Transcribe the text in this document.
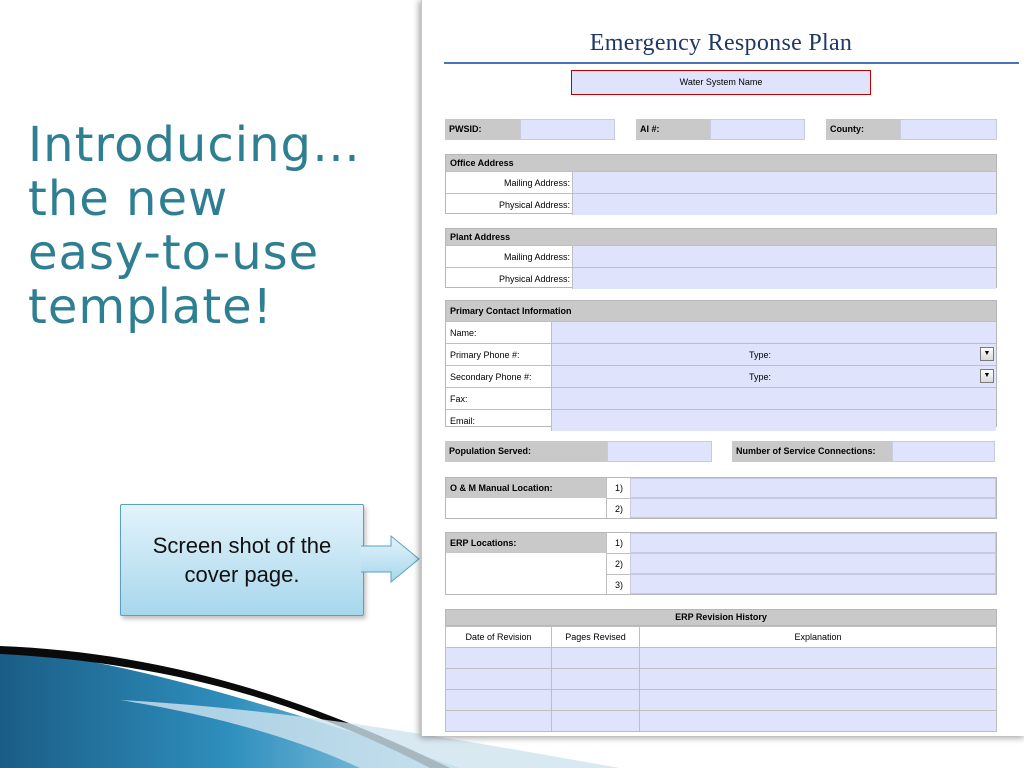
Introducing…
the new
easy-to-use
template!
Screen shot of the cover page.
Emergency Response Plan
Water System Name
PWSID:	AI #:	County:
Office Address
Mailing Address:
Physical Address:
Plant Address
Mailing Address:
Physical Address:
Primary Contact Information
Name:
Primary Phone #:	Type:	▼
Secondary Phone #:	Type:	▼
Fax:
Email:
Population Served:	Number of Service Connections:
O & M Manual Location:	1)
2)
ERP Locations:	1)
2)
3)
ERP Revision History
Date of Revision	Pages Revised	Explanation
